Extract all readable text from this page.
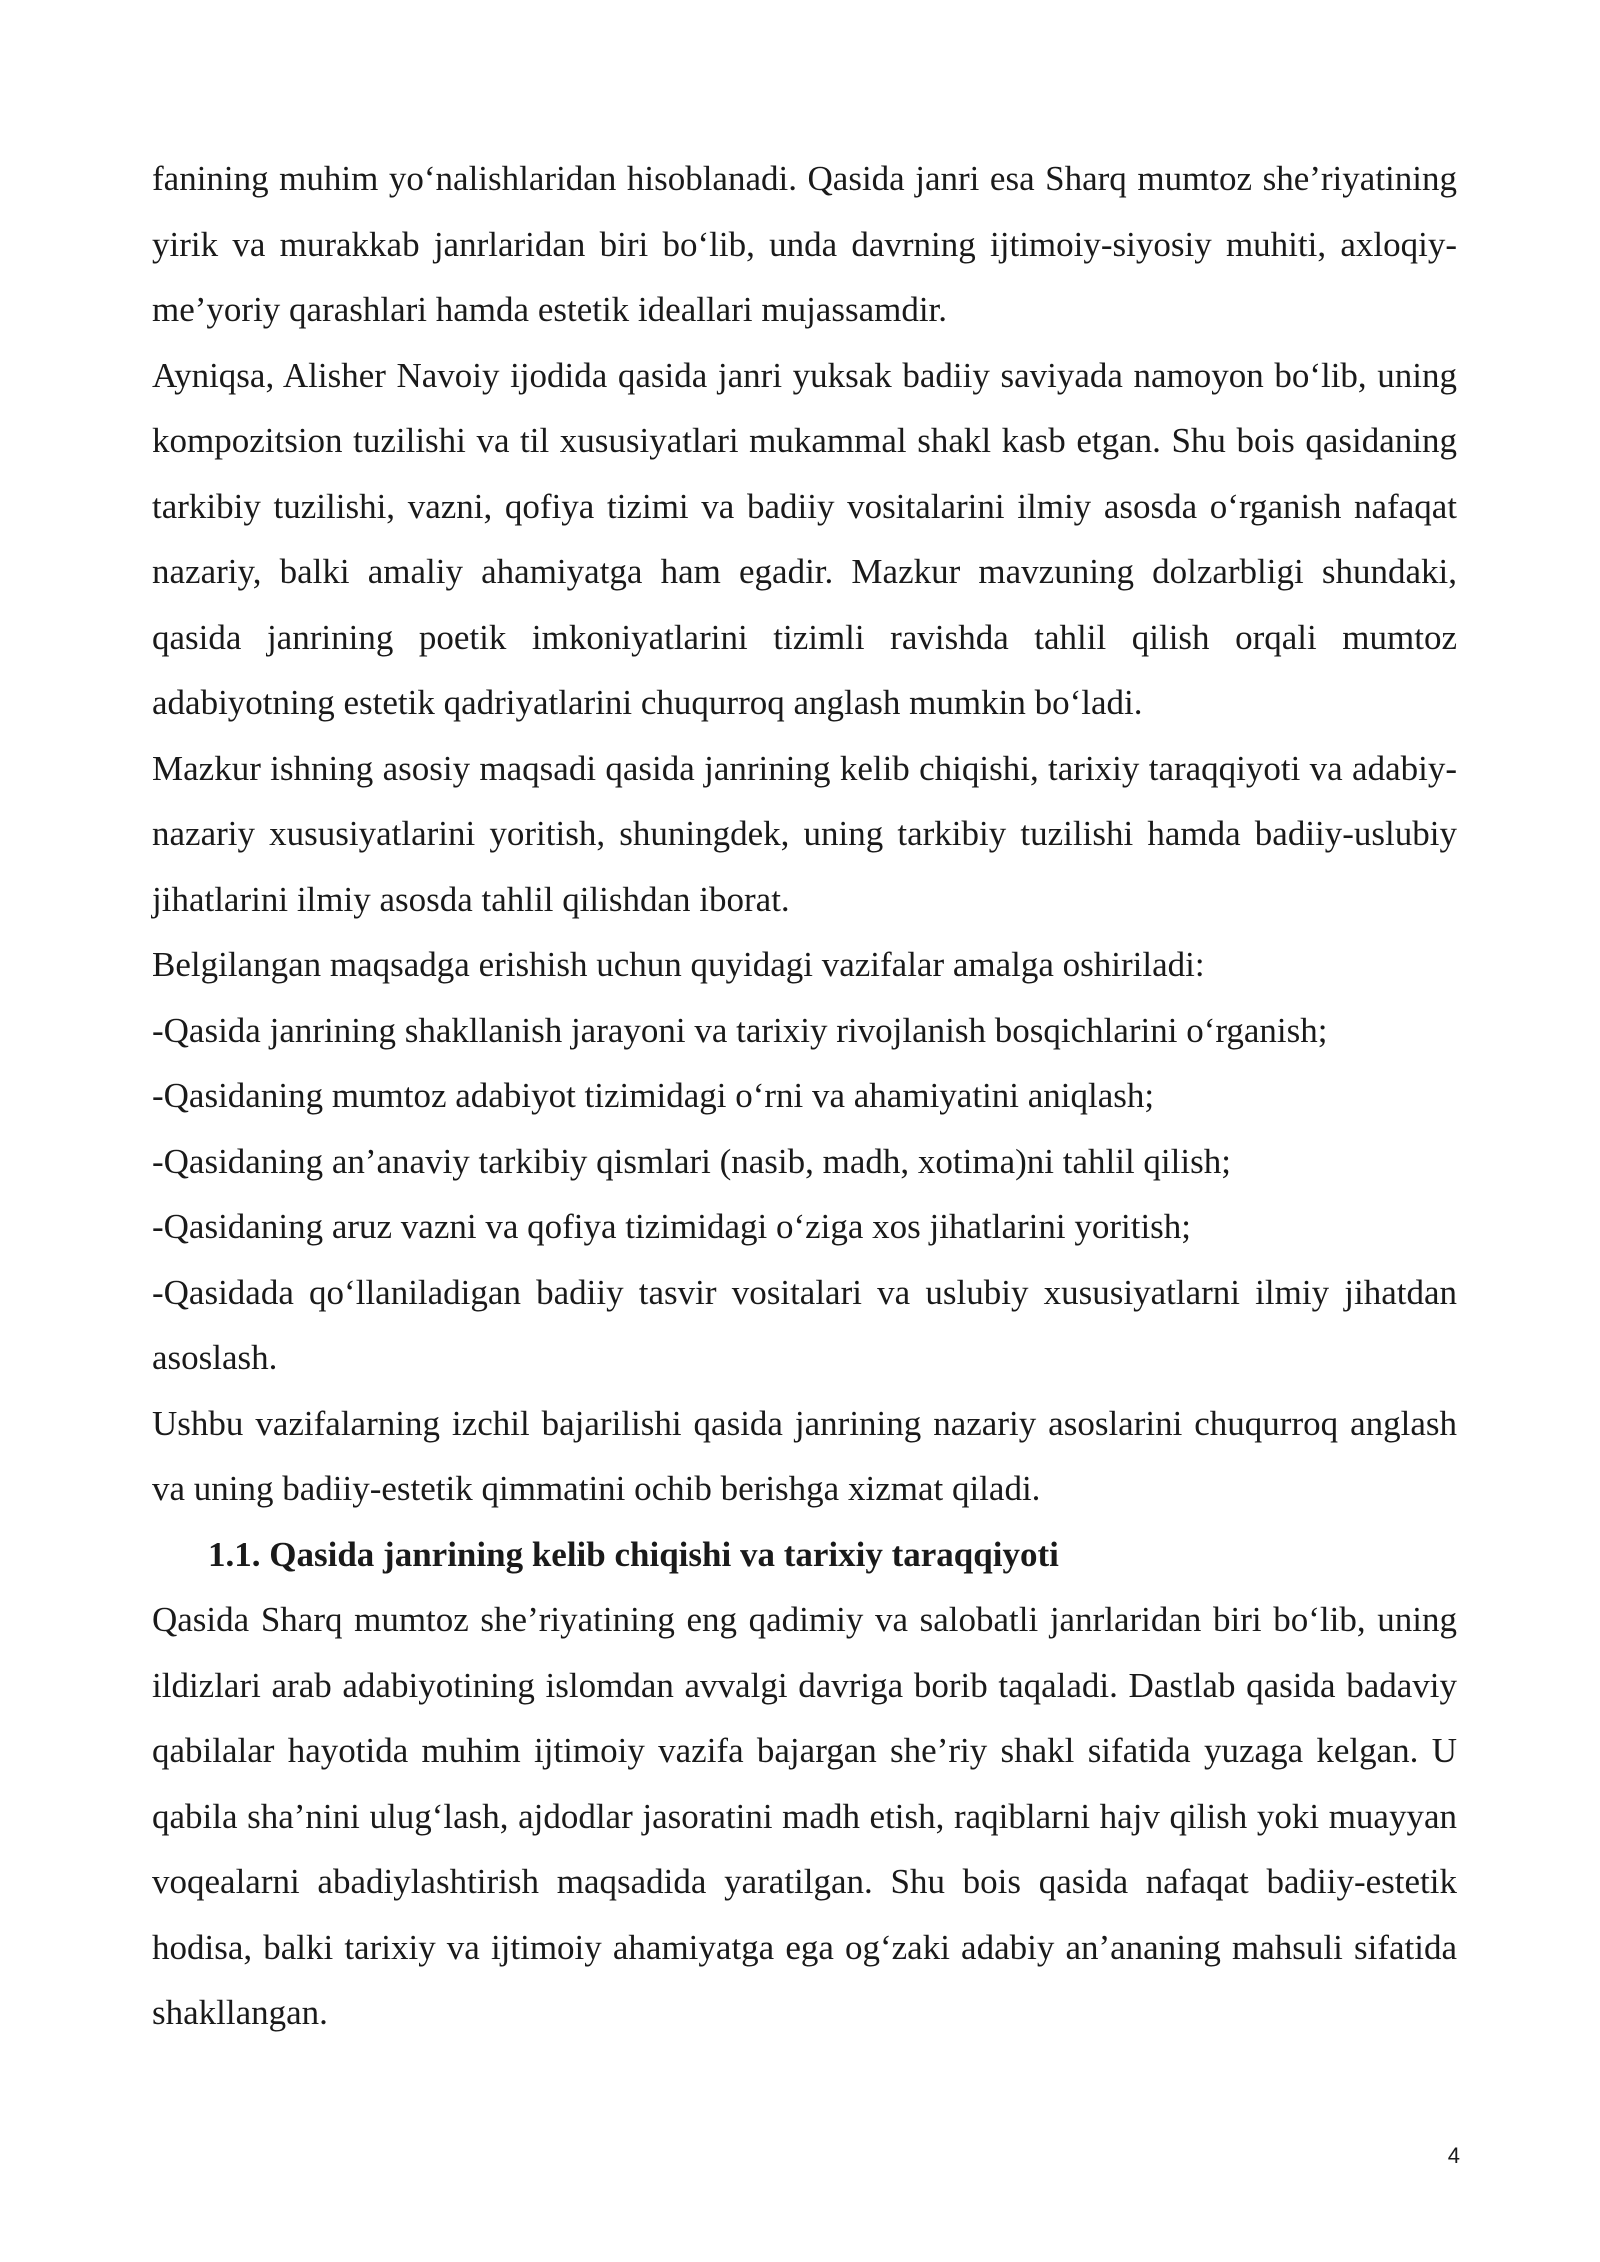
fanining muhim yo‘nalishlaridan hisoblanadi. Qasida janri esa Sharq mumtoz she’riyatining yirik va murakkab janrlaridan biri bo‘lib, unda davrning ijtimoiy-siyosiy muhiti, axloqiy-me’yoriy qarashlari hamda estetik ideallari mujassamdir.

Ayniqsa, Alisher Navoiy ijodida qasida janri yuksak badiiy saviyada namoyon bo‘lib, uning kompozitsion tuzilishi va til xususiyatlari mukammal shakl kasb etgan. Shu bois qasidaning tarkibiy tuzilishi, vazni, qofiya tizimi va badiiy vositalarini ilmiy asosda o‘rganish nafaqat nazariy, balki amaliy ahamiyatga ham egadir. Mazkur mavzuning dolzarbligi shundaki, qasida janrining poetik imkoniyatlarini tizimli ravishda tahlil qilish orqali mumtoz adabiyotning estetik qadriyatlarini chuqurroq anglash mumkin bo‘ladi.

Mazkur ishning asosiy maqsadi qasida janrining kelib chiqishi, tarixiy taraqqiyoti va adabiy-nazariy xususiyatlarini yoritish, shuningdek, uning tarkibiy tuzilishi hamda badiiy-uslubiy jihatlarini ilmiy asosda tahlil qilishdan iborat.

Belgilangan maqsadga erishish uchun quyidagi vazifalar amalga oshiriladi:

-Qasida janrining shakllanish jarayoni va tarixiy rivojlanish bosqichlarini o‘rganish;

-Qasidaning mumtoz adabiyot tizimidagi o‘rni va ahamiyatini aniqlash;

-Qasidaning an’anaviy tarkibiy qismlari (nasib, madh, xotima)ni tahlil qilish;

-Qasidaning aruz vazni va qofiya tizimidagi o‘ziga xos jihatlarini yoritish;

-Qasidada qo‘llaniladigan badiiy tasvir vositalari va uslubiy xususiyatlarni ilmiy jihatdan asoslash.

Ushbu vazifalarning izchil bajarilishi qasida janrining nazariy asoslarini chuqurroq anglash va uning badiiy-estetik qimmatini ochib berishga xizmat qiladi.

1.1. Qasida janrining kelib chiqishi va tarixiy taraqqiyoti

Qasida Sharq mumtoz she’riyatining eng qadimiy va salobatli janrlaridan biri bo‘lib, uning ildizlari arab adabiyotining islomdan avvalgi davriga borib taqaladi. Dastlab qasida badaviy qabilalar hayotida muhim ijtimoiy vazifa bajargan she’riy shakl sifatida yuzaga kelgan. U qabila sha’nini ulug‘lash, ajdodlar jasoratini madh etish, raqiblarni hajv qilish yoki muayyan voqealarni abadiylashtirish maqsadida yaratilgan. Shu bois qasida nafaqat badiiy-estetik hodisa, balki tarixiy va ijtimoiy ahamiyatga ega og‘zaki adabiy an’ananing mahsuli sifatida shakllangan.

4
